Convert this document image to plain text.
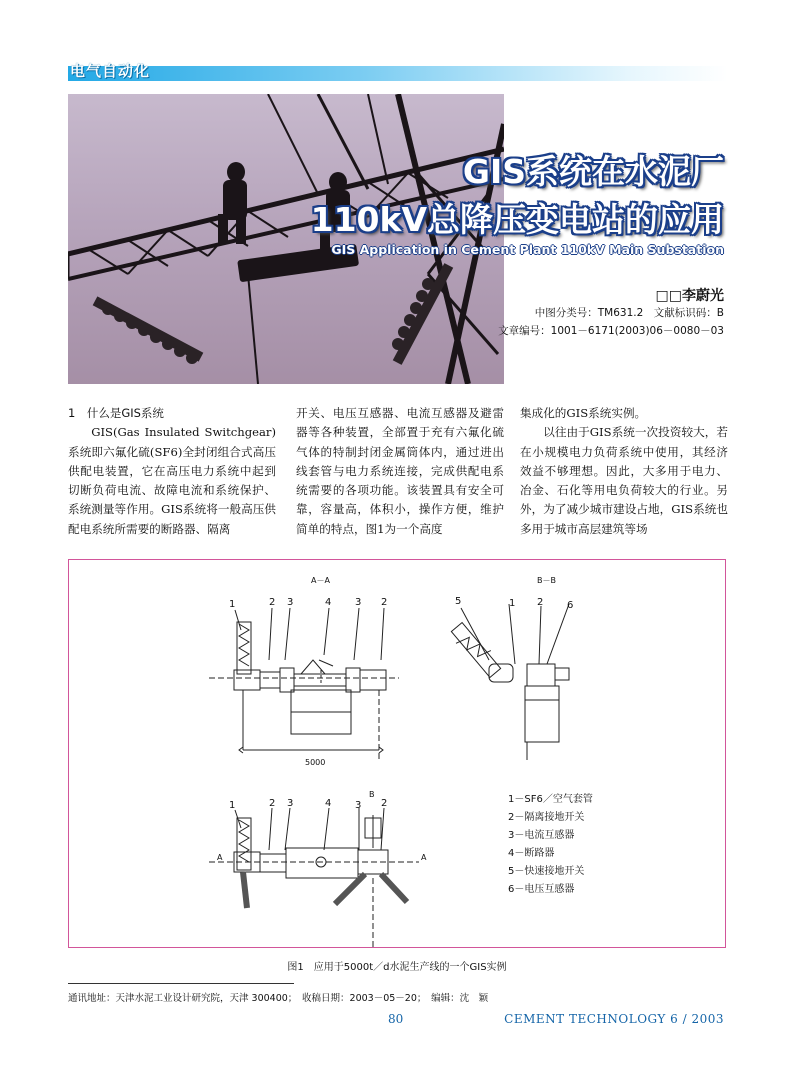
电气自动化
GIS系统在水泥厂
110kV总降压变电站的应用
GIS Application in Cement Plant 110kV Main Substation
□□李蔚光
中图分类号：TM631.2　文献标识码：B
文章编号：1001－6171(2003)06－0080－03

1　什么是GIS系统

GIS(Gas Insulated Switchgear)系统即六氟化硫(SF6)全封闭组合式高压供配电装置，它在高压电力系统中起到切断负荷电流、故障电流和系统保护、系统测量等作用。GIS系统将一般高压供配电系统所需要的断路器、隔离

开关、电压互感器、电流互感器及避雷器等各种装置，全部置于充有六氟化硫气体的特制封闭金属筒体内，通过进出线套管与电力系统连接，完成供配电系统需要的各项功能。该装置具有安全可靠，容量高，体积小，操作方便，维护简单的特点，图1为一个高度

集成化的GIS系统实例。

以往由于GIS系统一次投资较大，若在小规模电力负荷系统中使用，其经济效益不够理想。因此，大多用于电力、冶金、石化等用电负荷较大的行业。另外，为了减少城市建设占地，GIS系统也多用于城市高层建筑等场

A－A	B－B
1	2 3	4 3 2
5000
A	A
B
5	1 2 6
1	2 3	4 3 2	1－SF6／空气套管
2－隔离接地开关
3－电流互感器
4－断路器
5－快速接地开关
6－电压互感器
图1　应用于5000t／d水泥生产线的一个GIS实例
通讯地址：天津水泥工业设计研究院，天津 300400；　收稿日期：2003－05－20；　编辑：沈　颖
80	CEMENT TECHNOLOGY 6 / 2003
